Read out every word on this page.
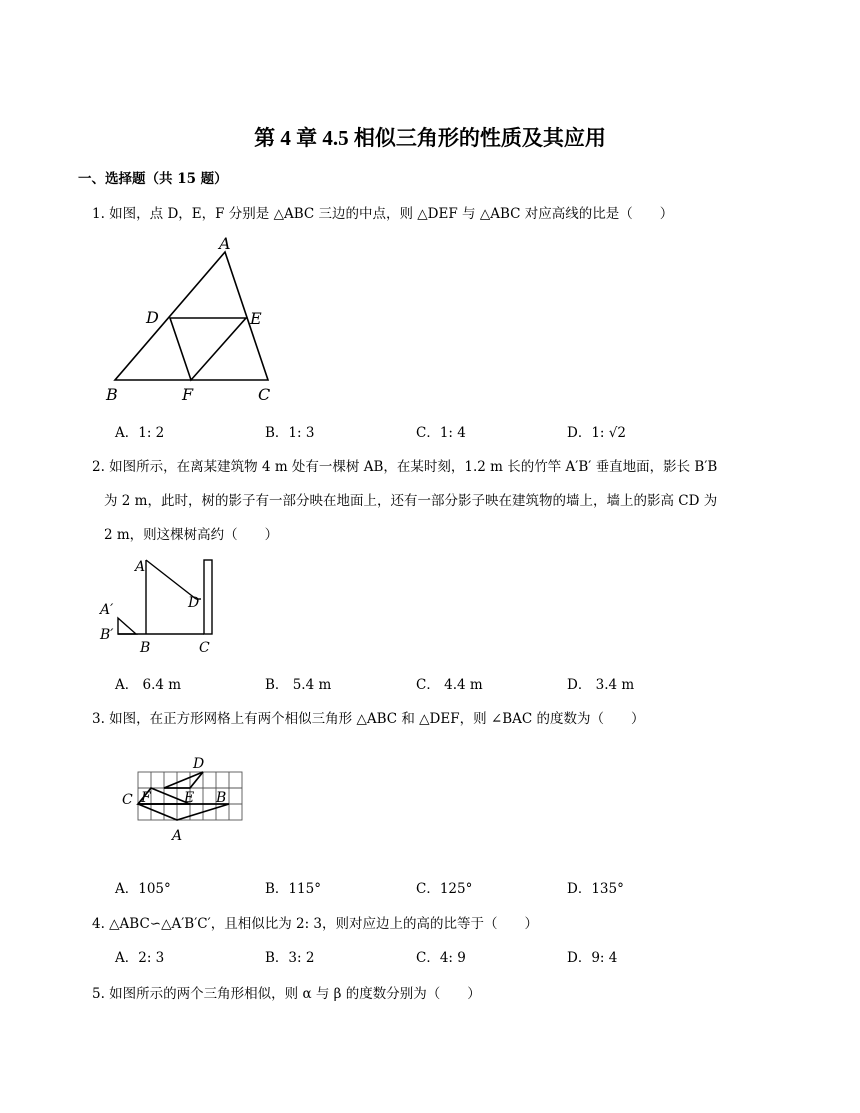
第 4 章 4.5 相似三角形的性质及其应用
一、选择题（共 15 题）
1. 如图，点 D，E，F 分别是 △ABC 三边的中点，则 △DEF 与 △ABC 对应高线的比是（　　）
A
D	E
B	F	C
A．1: 2	B．1: 3	C．1: 4	D．1: √2
2. 如图所示，在离某建筑物 4 m 处有一棵树 AB，在某时刻，1.2 m 长的竹竿 A′B′ 垂直地面，影长 B′B
为 2 m，此时，树的影子有一部分映在地面上，还有一部分影子映在建筑物的墙上，墙上的影高 CD 为
2 m，则这棵树高约（　　）
A
D
A′
B′
B	C
A． 6.4 m	B． 5.4 m	C． 4.4 m	D． 3.4 m
3. 如图，在正方形网格上有两个相似三角形 △ABC 和 △DEF，则 ∠BAC 的度数为（　　）
D
C F E B
A
A．105°	B．115°	C．125°	D．135°
4. △ABC∽△A′B′C′，且相似比为 2: 3，则对应边上的高的比等于（　　）
A．2: 3	B．3: 2	C．4: 9	D．9: 4
5. 如图所示的两个三角形相似，则 α 与 β 的度数分别为（　　）
